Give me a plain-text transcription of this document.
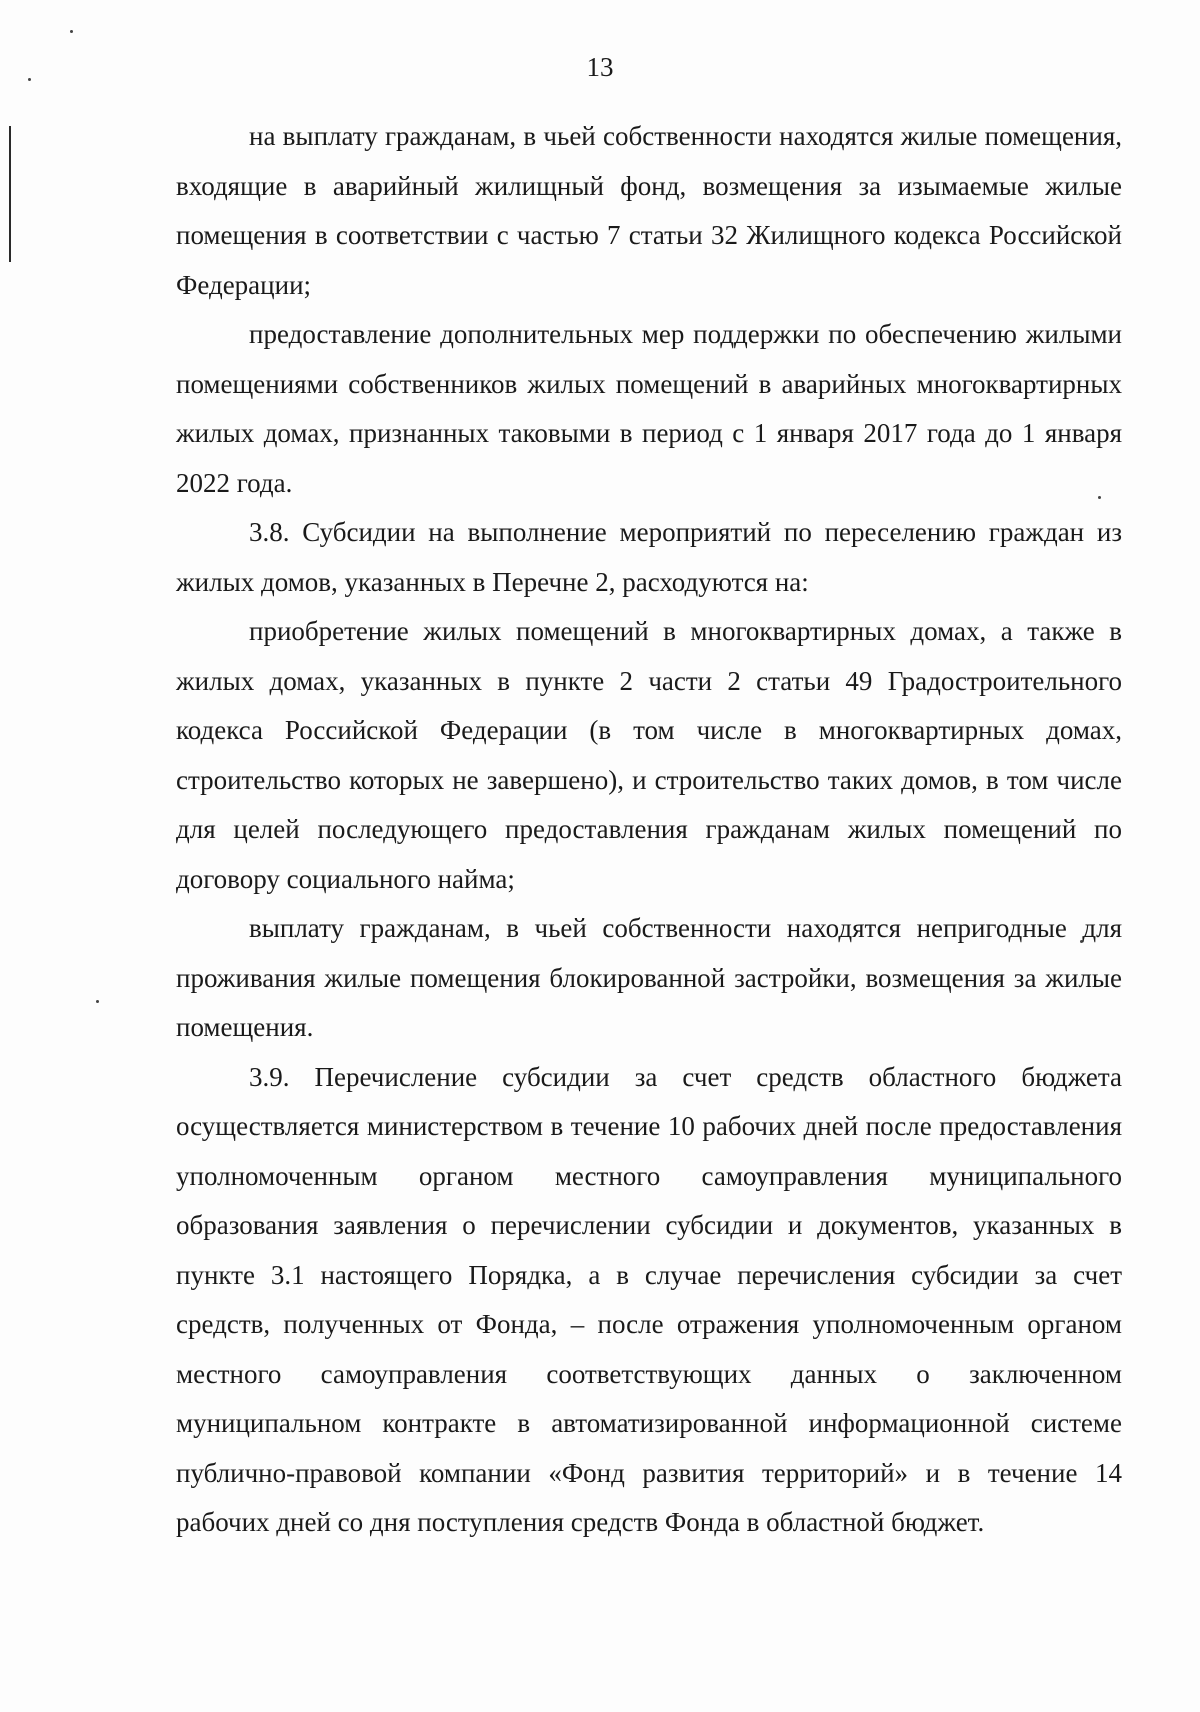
13

на выплату гражданам, в чьей собственности находятся жилые помещения, входящие в аварийный жилищный фонд, возмещения за изымаемые жилые помещения в соответствии с частью 7 статьи 32 Жилищного кодекса Российской Федерации;

предоставление дополнительных мер поддержки по обеспечению жилыми помещениями собственников жилых помещений в аварийных многоквартирных жилых домах, признанных таковыми в период с 1 января 2017 года до 1 января 2022 года.

3.8. Субсидии на выполнение мероприятий по переселению граждан из жилых домов, указанных в Перечне 2, расходуются на:

приобретение жилых помещений в многоквартирных домах, а также в жилых домах, указанных в пункте 2 части 2 статьи 49 Градостроительного кодекса Российской Федерации (в том числе в многоквартирных домах, строительство которых не завершено), и строительство таких домов, в том числе для целей последующего предоставления гражданам жилых помещений по договору социального найма;

выплату гражданам, в чьей собственности находятся непригодные для проживания жилые помещения блокированной застройки, возмещения за жилые помещения.

3.9. Перечисление субсидии за счет средств областного бюджета осуществляется министерством в течение 10 рабочих дней после предоставления уполномоченным органом местного самоуправления муниципального образования заявления о перечислении субсидии и документов, указанных в пункте 3.1 настоящего Порядка, а в случае перечисления субсидии за счет средств, полученных от Фонда, – после отражения уполномоченным органом местного самоуправления соответствующих данных о заключенном муниципальном контракте в автоматизированной информационной системе публично-правовой компании «Фонд развития территорий» и в течение 14 рабочих дней со дня поступления средств Фонда в областной бюджет.
